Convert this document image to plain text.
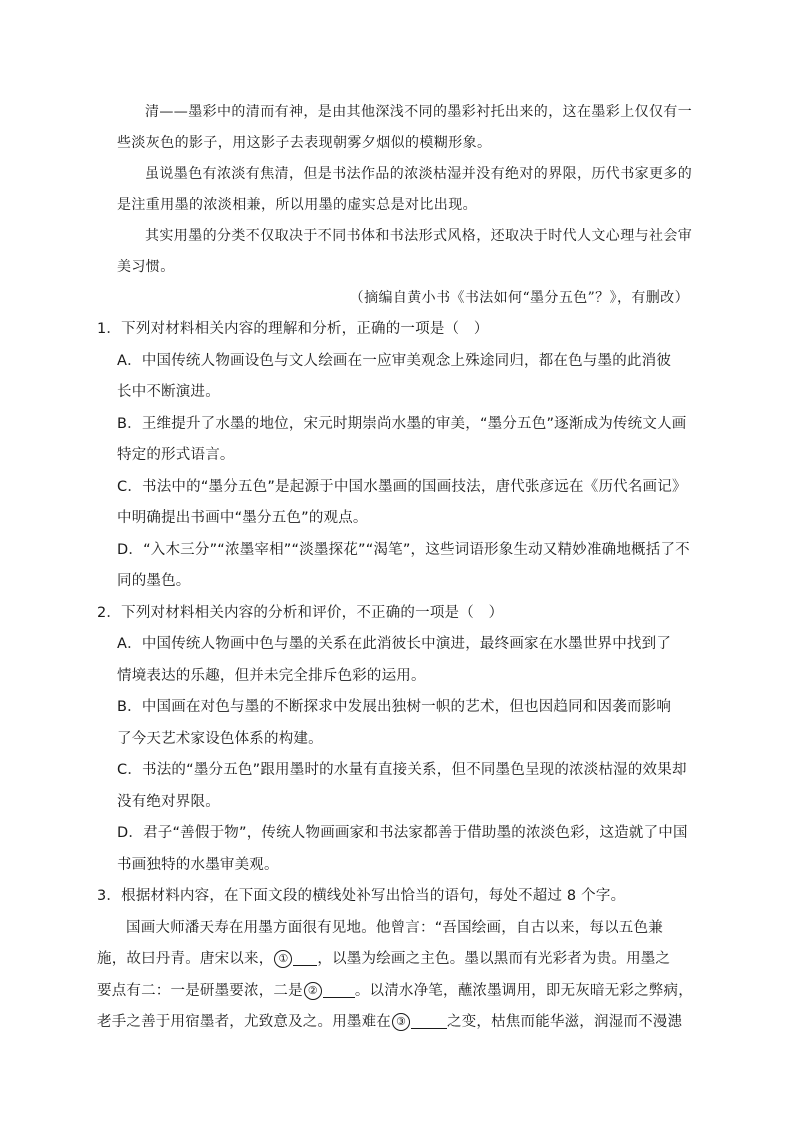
清——墨彩中的清而有神，是由其他深浅不同的墨彩衬托出来的，这在墨彩上仅仅有一些淡灰色的影子，用这影子去表现朝雾夕烟似的模糊形象。

虽说墨色有浓淡有焦清，但是书法作品的浓淡枯湿并没有绝对的界限，历代书家更多的是注重用墨的浓淡相兼，所以用墨的虚实总是对比出现。

其实用墨的分类不仅取决于不同书体和书法形式风格，还取决于时代人文心理与社会审美习惯。

（摘编自黄小书《书法如何“墨分五色”？》，有删改）

1．下列对材料相关内容的理解和分析，正确的一项是（　）

A．中国传统人物画设色与文人绘画在一应审美观念上殊途同归，都在色与墨的此消彼

长中不断演进。

B．王维提升了水墨的地位，宋元时期崇尚水墨的审美，“墨分五色”逐渐成为传统文人画

特定的形式语言。

C．书法中的“墨分五色”是起源于中国水墨画的国画技法，唐代张彦远在《历代名画记》

中明确提出书画中“墨分五色”的观点。

D．“入木三分”“浓墨宰相”“淡墨探花”“渴笔”，这些词语形象生动又精妙准确地概括了不

同的墨色。

2．下列对材料相关内容的分析和评价，不正确的一项是（　）

A．中国传统人物画中色与墨的关系在此消彼长中演进，最终画家在水墨世界中找到了

情境表达的乐趣，但并未完全排斥色彩的运用。

B．中国画在对色与墨的不断探求中发展出独树一帜的艺术，但也因趋同和因袭而影响

了今天艺术家设色体系的构建。

C．书法的“墨分五色”跟用墨时的水量有直接关系，但不同墨色呈现的浓淡枯湿的效果却

没有绝对界限。

D．君子“善假于物”，传统人物画画家和书法家都善于借助墨的浓淡色彩，这造就了中国

书画独特的水墨审美观。

3．根据材料内容，在下面文段的横线处补写出恰当的语句，每处不超过 8 个字。

国画大师潘天寿在用墨方面很有见地。他曾言：“吾国绘画，自古以来，每以五色兼

施，故曰丹青。唐宋以来， ① ，以墨为绘画之主色。墨以黑而有光彩者为贵。用墨之

要点有二：一是研墨要浓，二是 ②	。以清水净笔，蘸浓墨调用，即无灰暗无彩之弊病，

老手之善于用宿墨者，尤致意及之。用墨难在 ③	之变，枯焦而能华滋，润湿而不漫漶
